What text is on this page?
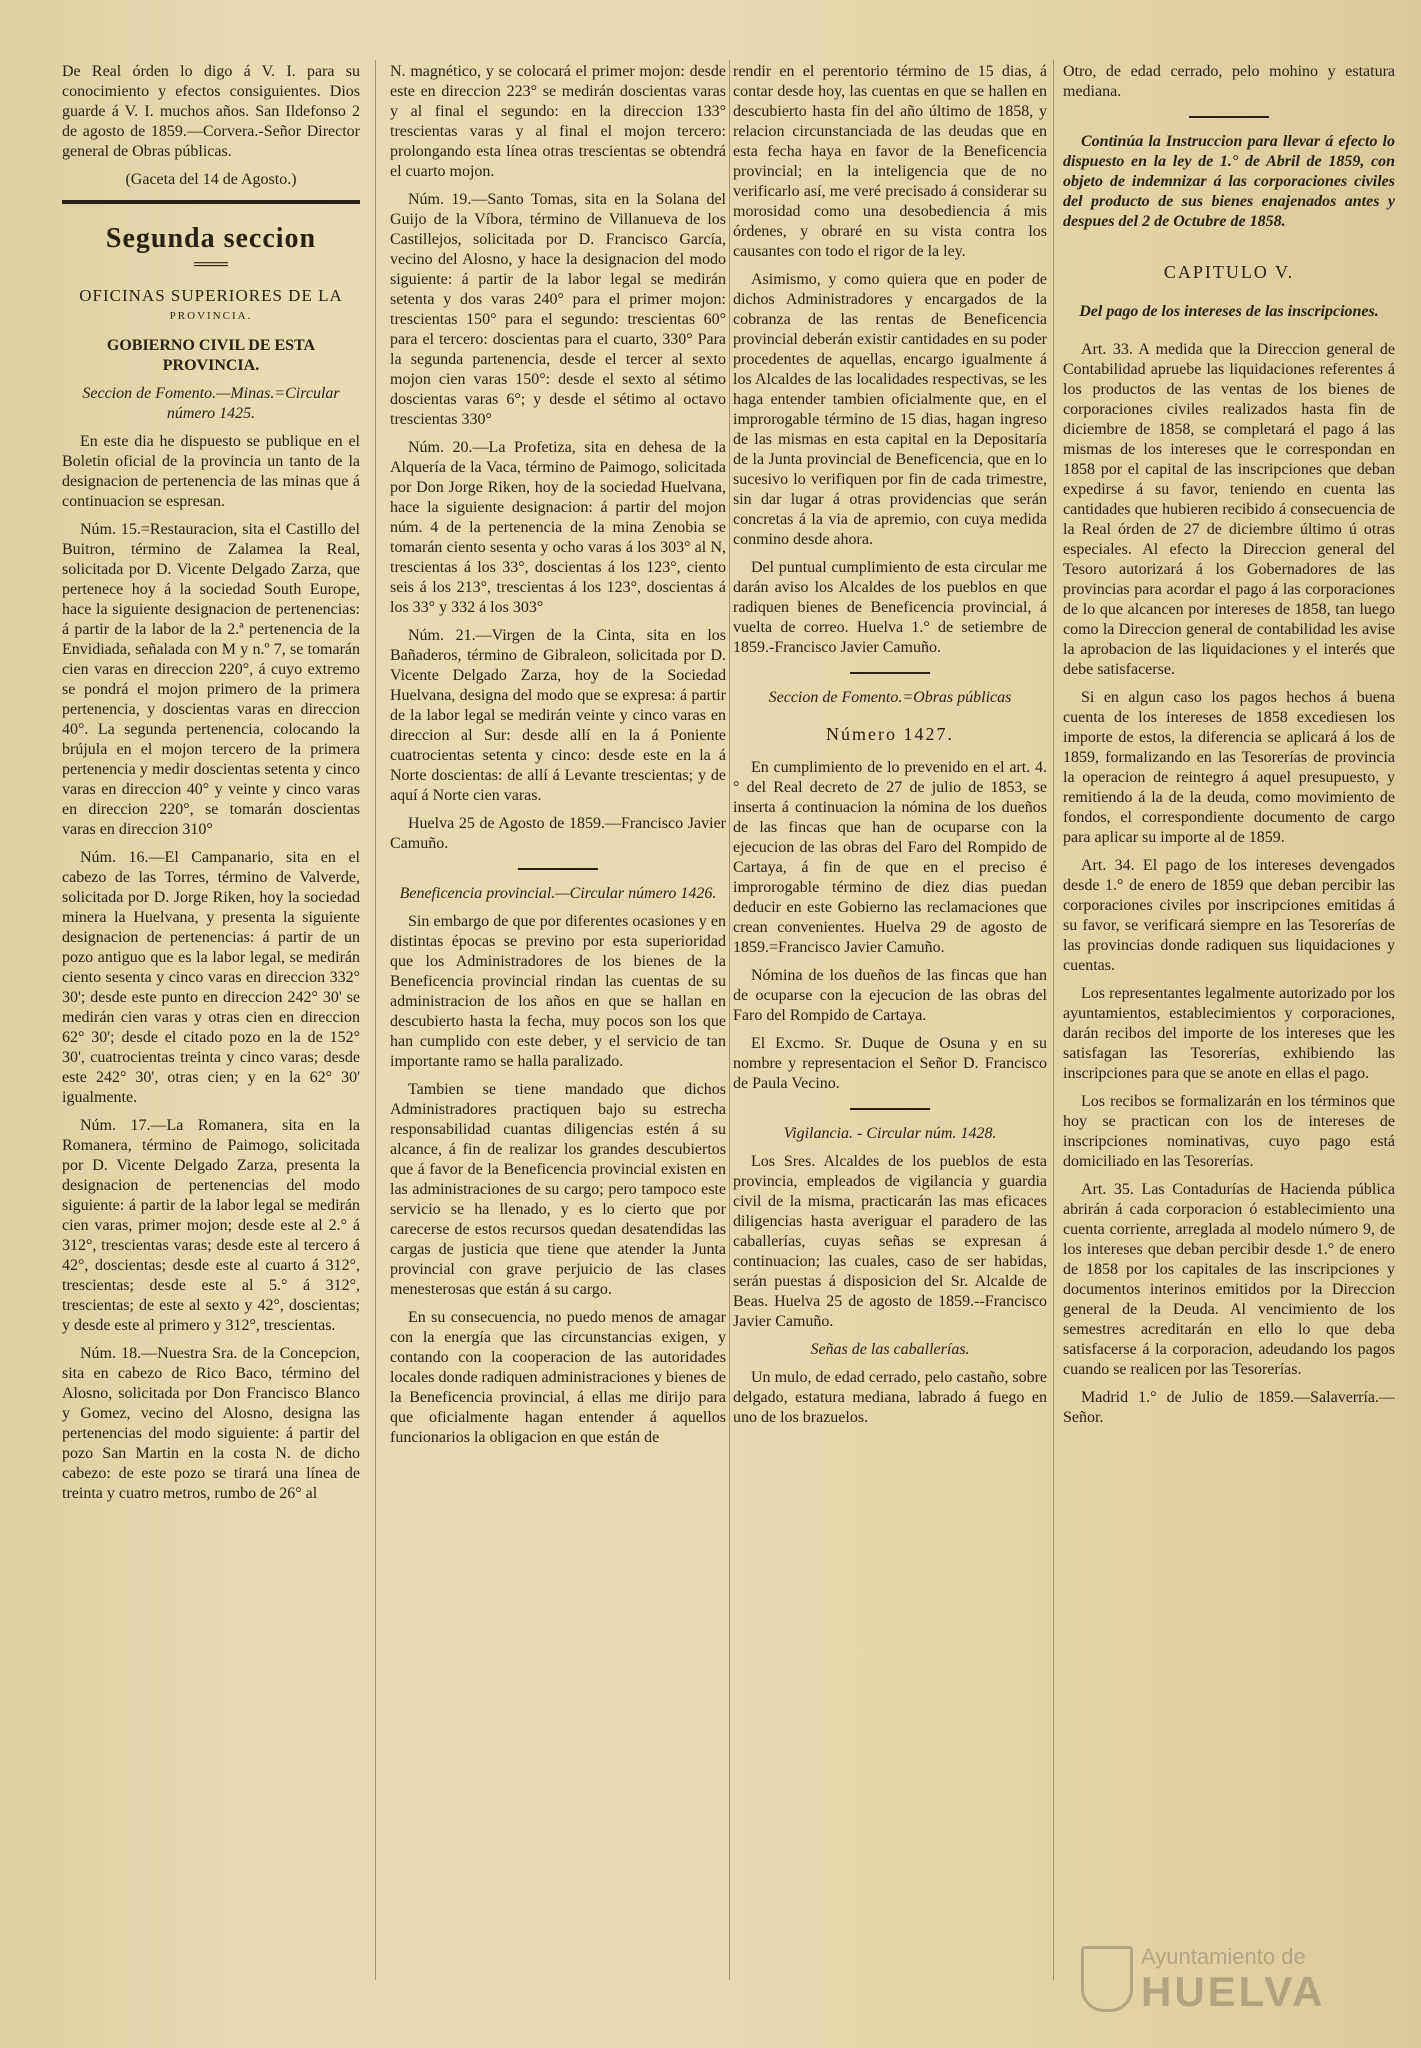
De Real órden lo digo á V. I. para su conocimiento y efectos consiguientes. Dios guarde á V. I. muchos años. San Ildefonso 2 de agosto de 1859.—Corvera.-Señor Director general de Obras públicas.

(Gaceta del 14 de Agosto.)

Segunda seccion
═══
OFICINAS SUPERIORES DE LA
PROVINCIA.

GOBIERNO CIVIL DE ESTA PROVINCIA.

Seccion de Fomento.—Minas.=Circular número 1425.

En este dia he dispuesto se publique en el Boletin oficial de la provincia un tanto de la designacion de pertenencia de las minas que á continuacion se espresan.

Núm. 15.=Restauracion, sita el Castillo del Buitron, término de Zalamea la Real, solicitada por D. Vicente Delgado Zarza, que pertenece hoy á la sociedad South Europe, hace la siguiente designacion de pertenencias: á partir de la labor de la 2.ª pertenencia de la Envidiada, señalada con M y n.º 7, se tomarán cien varas en direccion 220°, á cuyo extremo se pondrá el mojon primero de la primera pertenencia, y doscientas varas en direccion 40°. La segunda pertenencia, colocando la brújula en el mojon tercero de la primera pertenencia y medir doscientas setenta y cinco varas en direccion 40° y veinte y cinco varas en direccion 220°, se tomarán doscientas varas en direccion 310°

Núm. 16.—El Campanario, sita en el cabezo de las Torres, término de Valverde, solicitada por D. Jorge Riken, hoy la sociedad minera la Huelvana, y presenta la siguiente designacion de pertenencias: á partir de un pozo antiguo que es la labor legal, se medirán ciento sesenta y cinco varas en direccion 332° 30'; desde este punto en direccion 242° 30' se medirán cien varas y otras cien en direccion 62° 30'; desde el citado pozo en la de 152° 30', cuatrocientas treinta y cinco varas; desde este 242° 30', otras cien; y en la 62° 30' igualmente.

Núm. 17.—La Romanera, sita en la Romanera, término de Paimogo, solicitada por D. Vicente Delgado Zarza, presenta la designacion de pertenencias del modo siguiente: á partir de la labor legal se medirán cien varas, primer mojon; desde este al 2.° á 312°, trescientas varas; desde este al tercero á 42°, doscientas; desde este al cuarto á 312°, trescientas; desde este al 5.° á 312°, trescientas; de este al sexto y 42°, doscientas; y desde este al primero y 312°, trescientas.

Núm. 18.—Nuestra Sra. de la Concepcion, sita en cabezo de Rico Baco, término del Alosno, solicitada por Don Francisco Blanco y Gomez, vecino del Alosno, designa las pertenencias del modo siguiente: á partir del pozo San Martin en la costa N. de dicho cabezo: de este pozo se tirará una línea de treinta y cuatro metros, rumbo de 26° al

N. magnético, y se colocará el primer mojon: desde este en direccion 223° se medirán doscientas varas y al final el segundo: en la direccion 133° trescientas varas y al final el mojon tercero: prolongando esta línea otras trescientas se obtendrá el cuarto mojon.

Núm. 19.—Santo Tomas, sita en la Solana del Guijo de la Víbora, término de Villanueva de los Castillejos, solicitada por D. Francisco García, vecino del Alosno, y hace la designacion del modo siguiente: á partir de la labor legal se medirán setenta y dos varas 240° para el primer mojon: trescientas 150° para el segundo: trescientas 60° para el tercero: doscientas para el cuarto, 330° Para la segunda partenencia, desde el tercer al sexto mojon cien varas 150°: desde el sexto al sétimo doscientas varas 6°; y desde el sétimo al octavo trescientas 330°

Núm. 20.—La Profetiza, sita en dehesa de la Alquería de la Vaca, término de Paimogo, solicitada por Don Jorge Riken, hoy de la sociedad Huelvana, hace la siguiente designacion: á partir del mojon núm. 4 de la pertenencia de la mina Zenobia se tomarán ciento sesenta y ocho varas á los 303° al N, trescientas á los 33°, doscientas á los 123°, ciento seis á los 213°, trescientas á los 123°, doscientas á los 33° y 332 á los 303°

Núm. 21.—Virgen de la Cinta, sita en los Bañaderos, término de Gibraleon, solicitada por D. Vicente Delgado Zarza, hoy de la Sociedad Huelvana, designa del modo que se expresa: á partir de la labor legal se medirán veinte y cinco varas en direccion al Sur: desde allí en la á Poniente cuatrocientas setenta y cinco: desde este en la á Norte doscientas: de allí á Levante trescientas; y de aquí á Norte cien varas.

Huelva 25 de Agosto de 1859.—Francisco Javier Camuño.

Beneficencia provincial.—Circular número 1426.

Sin embargo de que por diferentes ocasiones y en distintas épocas se previno por esta superioridad que los Administradores de los bienes de la Beneficencia provincial rindan las cuentas de su administracion de los años en que se hallan en descubierto hasta la fecha, muy pocos son los que han cumplido con este deber, y el servicio de tan importante ramo se halla paralizado.

Tambien se tiene mandado que dichos Administradores practiquen bajo su estrecha responsabilidad cuantas diligencias estén á su alcance, á fin de realizar los grandes descubiertos que á favor de la Beneficencia provincial existen en las administraciones de su cargo; pero tampoco este servicio se ha llenado, y es lo cierto que por carecerse de estos recursos quedan desatendidas las cargas de justicia que tiene que atender la Junta provincial con grave perjuicio de las clases menesterosas que están á su cargo.

En su consecuencia, no puedo menos de amagar con la energía que las circunstancias exigen, y contando con la cooperacion de las autoridades locales donde radiquen administraciones y bienes de la Beneficencia provincial, á ellas me dirijo para que oficialmente hagan entender á aquellos funcionarios la obligacion en que están de

rendir en el perentorio término de 15 dias, á contar desde hoy, las cuentas en que se hallen en descubierto hasta fin del año último de 1858, y relacion circunstanciada de las deudas que en esta fecha haya en favor de la Beneficencia provincial; en la inteligencia que de no verificarlo así, me veré precisado á considerar su morosidad como una desobediencia á mis órdenes, y obraré en su vista contra los causantes con todo el rigor de la ley.

Asimismo, y como quiera que en poder de dichos Administradores y encargados de la cobranza de las rentas de Beneficencia provincial deberán existir cantidades en su poder procedentes de aquellas, encargo igualmente á los Alcaldes de las localidades respectivas, se les haga entender tambien oficialmente que, en el improrogable término de 15 dias, hagan ingreso de las mismas en esta capital en la Depositaría de la Junta provincial de Beneficencia, que en lo sucesivo lo verifiquen por fin de cada trimestre, sin dar lugar á otras providencias que serán concretas á la via de apremio, con cuya medida conmino desde ahora.

Del puntual cumplimiento de esta circular me darán aviso los Alcaldes de los pueblos en que radiquen bienes de Beneficencia provincial, á vuelta de correo. Huelva 1.° de setiembre de 1859.-Francisco Javier Camuño.

Seccion de Fomento.=Obras públicas

Número 1427.

En cumplimiento de lo prevenido en el art. 4.° del Real decreto de 27 de julio de 1853, se inserta á continuacion la nómina de los dueños de las fincas que han de ocuparse con la ejecucion de las obras del Faro del Rompido de Cartaya, á fin de que en el preciso é improrogable término de diez dias puedan deducir en este Gobierno las reclamaciones que crean convenientes. Huelva 29 de agosto de 1859.=Francisco Javier Camuño.

Nómina de los dueños de las fincas que han de ocuparse con la ejecucion de las obras del Faro del Rompido de Cartaya.

El Excmo. Sr. Duque de Osuna y en su nombre y representacion el Señor D. Francisco de Paula Vecino.

Vigilancia. - Circular núm. 1428.

Los Sres. Alcaldes de los pueblos de esta provincia, empleados de vigilancia y guardia civil de la misma, practicarán las mas eficaces diligencias hasta averiguar el paradero de las caballerías, cuyas señas se expresan á continuacion; las cuales, caso de ser habidas, serán puestas á disposicion del Sr. Alcalde de Beas. Huelva 25 de agosto de 1859.--Francisco Javier Camuño.

Señas de las caballerías.

Un mulo, de edad cerrado, pelo castaño, sobre delgado, estatura mediana, labrado á fuego en uno de los brazuelos.

Otro, de edad cerrado, pelo mohino y estatura mediana.

Continúa la Instruccion para llevar á efecto lo dispuesto en la ley de 1.° de Abril de 1859, con objeto de indemnizar á las corporaciones civiles del producto de sus bienes enajenados antes y despues del 2 de Octubre de 1858.

CAPITULO V.

Del pago de los intereses de las inscripciones.

Art. 33. A medida que la Direccion general de Contabilidad apruebe las liquidaciones referentes á los productos de las ventas de los bienes de corporaciones civiles realizados hasta fin de diciembre de 1858, se completará el pago á las mismas de los intereses que le correspondan en 1858 por el capital de las inscripciones que deban expedirse á su favor, teniendo en cuenta las cantidades que hubieren recibido á consecuencia de la Real órden de 27 de diciembre último ú otras especiales. Al efecto la Direccion general del Tesoro autorizará á los Gobernadores de las provincias para acordar el pago á las corporaciones de lo que alcancen por intereses de 1858, tan luego como la Direccion general de contabilidad les avise la aprobacion de las liquidaciones y el interés que debe satisfacerse.

Si en algun caso los pagos hechos á buena cuenta de los intereses de 1858 excediesen los importe de estos, la diferencia se aplicará á los de 1859, formalizando en las Tesorerías de provincia la operacion de reintegro á aquel presupuesto, y remitiendo á la de la deuda, como movimiento de fondos, el correspondiente documento de cargo para aplicar su importe al de 1859.

Art. 34. El pago de los intereses devengados desde 1.° de enero de 1859 que deban percibir las corporaciones civiles por inscripciones emitidas á su favor, se verificará siempre en las Tesorerías de las provincias donde radiquen sus liquidaciones y cuentas.

Los representantes legalmente autorizado por los ayuntamientos, establecimientos y corporaciones, darán recibos del importe de los intereses que les satisfagan las Tesorerías, exhibiendo las inscripciones para que se anote en ellas el pago.

Los recibos se formalizarán en los términos que hoy se practican con los de intereses de inscripciones nominativas, cuyo pago está domiciliado en las Tesorerías.

Art. 35. Las Contadurías de Hacienda pública abrirán á cada corporacion ó establecimiento una cuenta corriente, arreglada al modelo número 9, de los intereses que deban percibir desde 1.° de enero de 1858 por los capitales de las inscripciones y documentos interinos emitidos por la Direccion general de la Deuda. Al vencimiento de los semestres acreditarán en ello lo que deba satisfacerse á la corporacion, adeudando los pagos cuando se realicen por las Tesorerías.

Madrid 1.° de Julio de 1859.—Salaverría.—Señor.

Ayuntamiento de
HUELVA
